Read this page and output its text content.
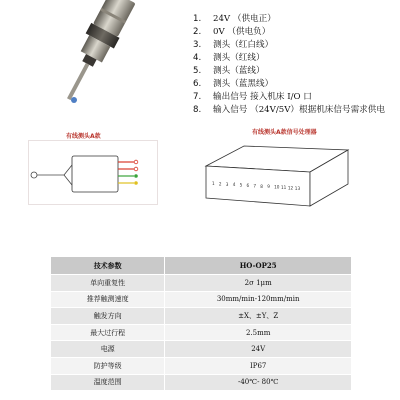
1.	24V （供电正）
2.	0V （供电负）
3.	测头（红白线）
4.	测头（红线）
5.	测头（蓝线）
6.	测头（蓝黑线）
7.	输出信号 接入机床 I/O 口
8.	输入信号 （24V/5V）根据机床信号需求供电
有线测头A款
有线测头A款信号处理器
1 2 3 4 5 6 7 8 9 10 11 12 13
技术参数	HO-OP25
单向重复性	2σ 1μm
推荐触测速度	30mm/min-120mm/min
触发方向	±X、±Y、Z
最大过行程	2.5mm
电源	24V
防护等级	IP67
温度范围	-40℃- 80℃
